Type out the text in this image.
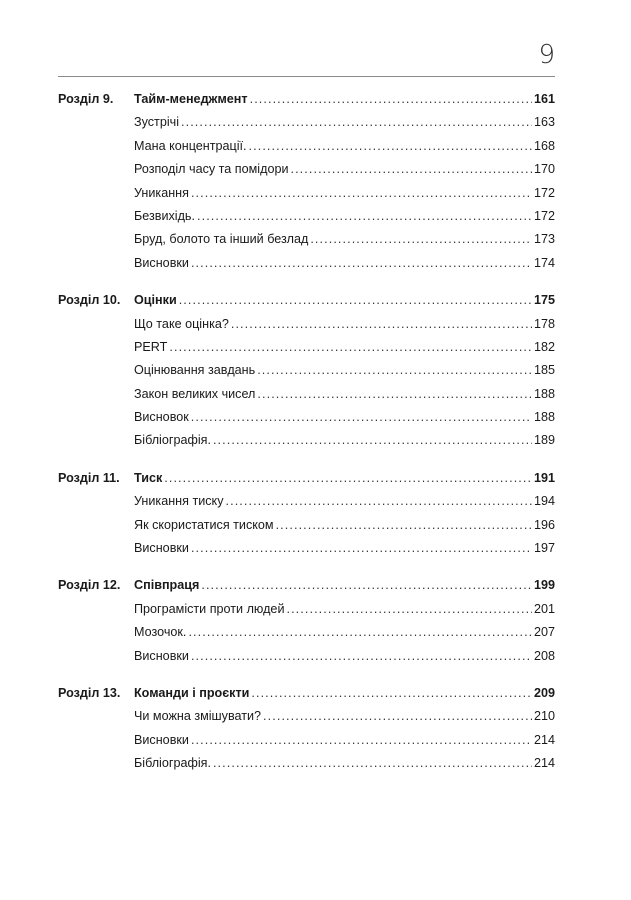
9
Розділ 9.	Тайм-менеджмент . . .	161
Зустрічі . . .	163
Мана концентрації. . . .	168
Розподіл часу та помідори . . .	170
Уникання . . .	172
Безвихідь. . . .	172
Бруд, болото та інший безлад . . .	173
Висновки . . .	174
Розділ 10.	Оцінки . . .	175
Що таке оцінка? . . .	178
PERT . . .	182
Оцінювання завдань . . .	185
Закон великих чисел . . .	188
Висновок . . .	188
Бібліографія. . . .	189
Розділ 11.	Тиск . . .	191
Уникання тиску . . .	194
Як скористатися тиском . . .	196
Висновки . . .	197
Розділ 12.	Співпраця . . .	199
Програмісти проти людей . . .	201
Мозочок. . . .	207
Висновки . . .	208
Розділ 13.	Команди і проєкти . . .	209
Чи можна змішувати? . . .	210
Висновки . . .	214
Бібліографія. . . .	214
